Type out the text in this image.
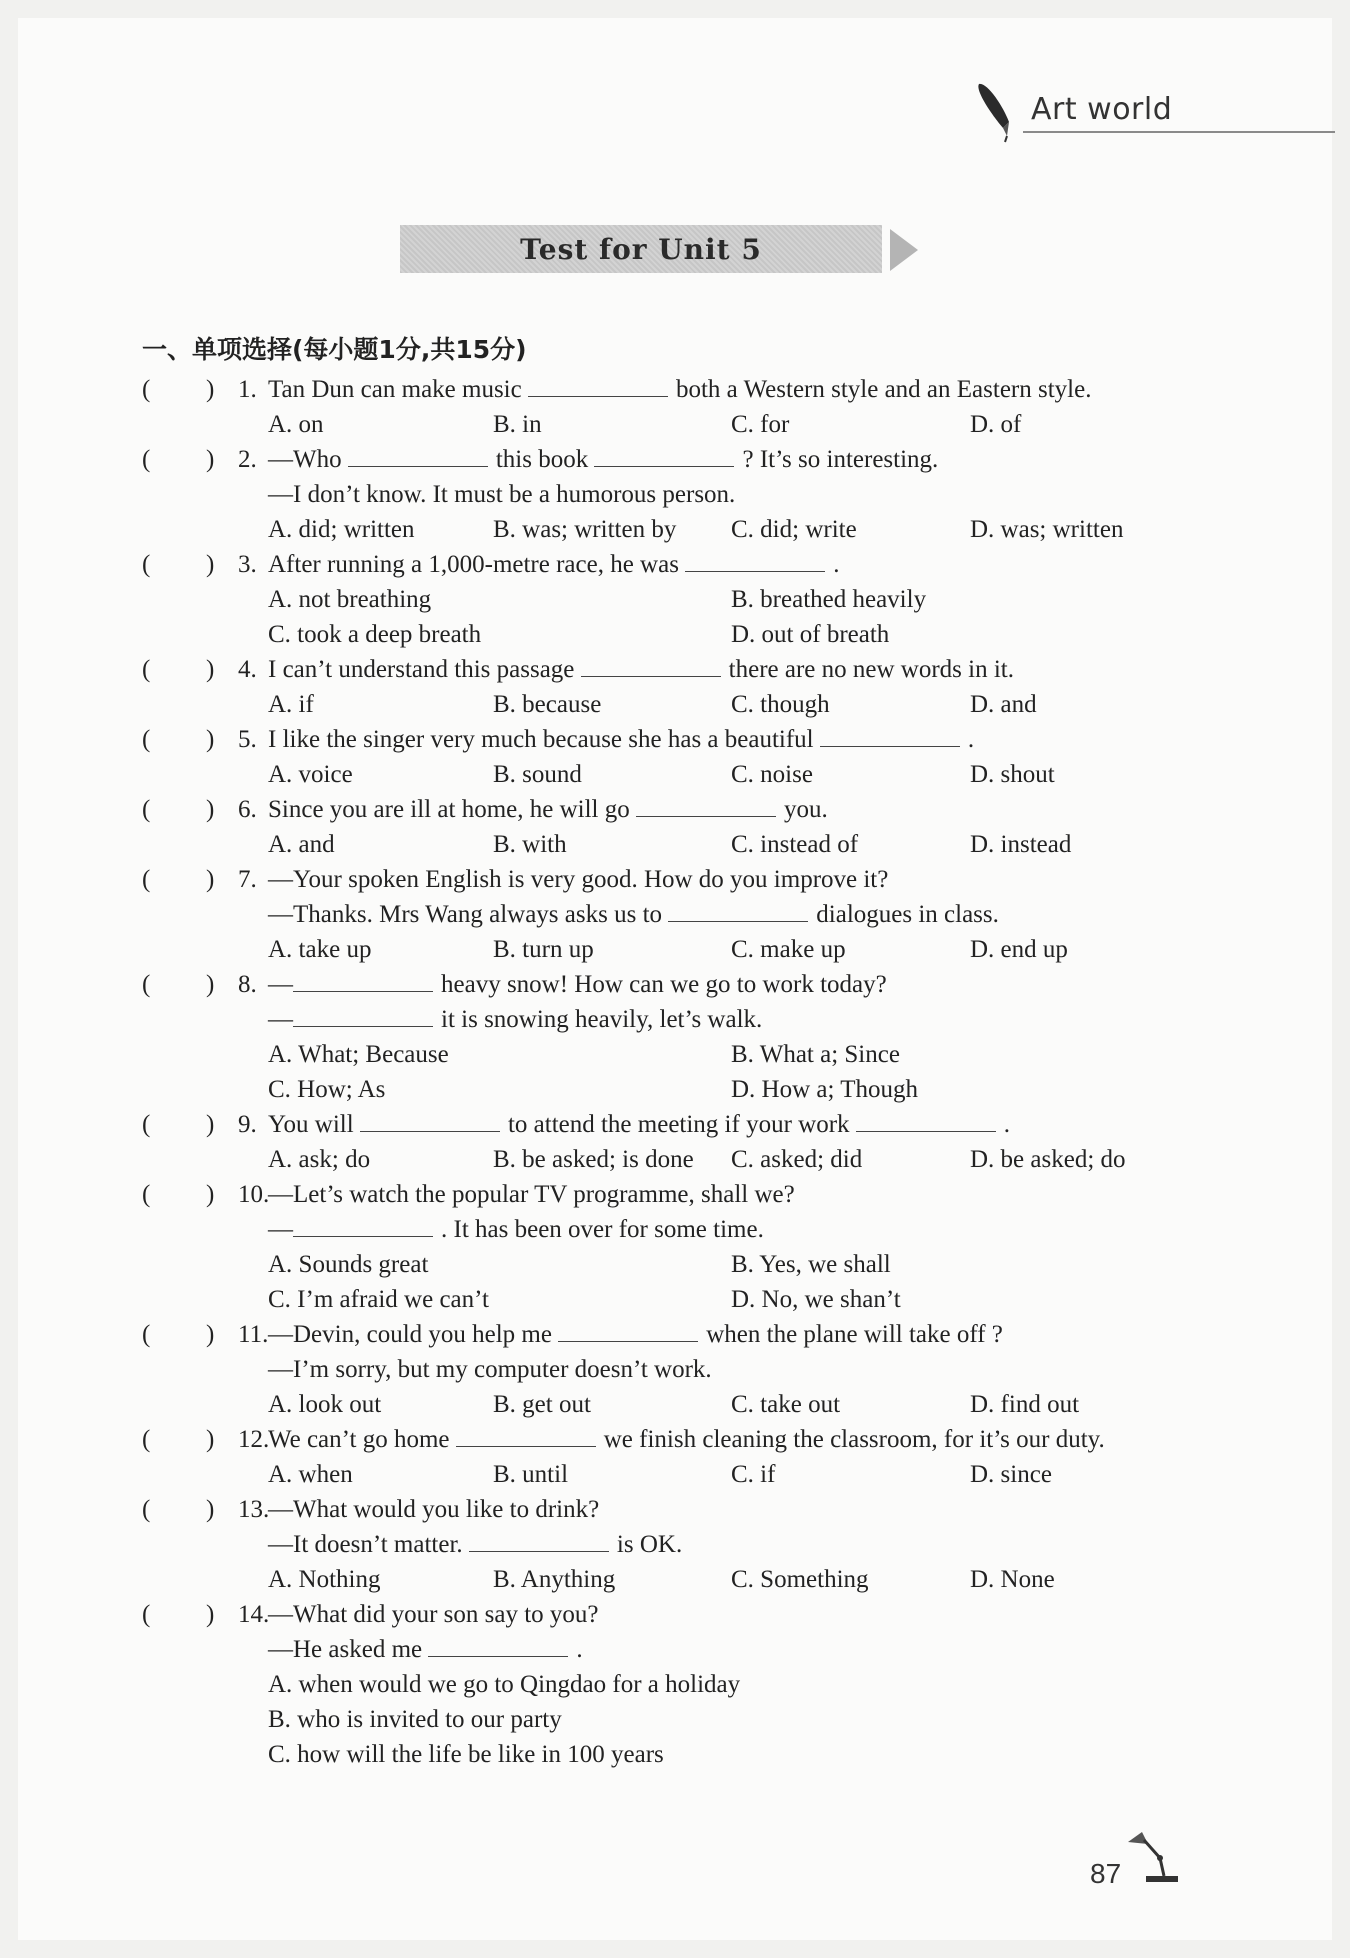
Art world
Test for Unit 5
一、单项选择(每小题1分,共15分)
( ) 1. Tan Dun can make music	both a Western style and an Eastern style.
A. on	B. in	C. for	D. of
( ) 2. —Who	this book	? It’s so interesting.
—I don’t know. It must be a humorous person.
A. did; written	B. was; written by C. did; write	D. was; written
( ) 3. After running a 1,000-metre race, he was	.
A. not breathing	B. breathed heavily
C. took a deep breath	D. out of breath
( ) 4. I can’t understand this passage	there are no new words in it.
A. if	B. because	C. though	D. and
( ) 5. I like the singer very much because she has a beautiful	.
A. voice	B. sound	C. noise	D. shout
( ) 6. Since you are ill at home, he will go	you.
A. and	B. with	C. instead of	D. instead
( ) 7. —Your spoken English is very good. How do you improve it?
—Thanks. Mrs Wang always asks us to	dialogues in class.
A. take up	B. turn up	C. make up	D. end up
( ) 8. —	heavy snow! How can we go to work today?
—	it is snowing heavily, let’s walk.
A. What; Because	B. What a; Since
C. How; As	D. How a; Though
( ) 9. You will	to attend the meeting if your work	.
A. ask; do	B. be asked; is done C. asked; did	D. be asked; do
( ) 10.
—Let’s watch the popular TV programme, shall we?
—	. It has been over for some time.
A. Sounds great	B. Yes, we shall
C. I’m afraid we can’t	D. No, we shan’t
( ) 11. —Devin, could you help me	when the plane will take off ?
—I’m sorry, but my computer doesn’t work.
A. look out	B. get out	C. take out	D. find out
( ) 12.
We can’t go home	we finish cleaning the classroom, for it’s our duty.
A. when	B. until	C. if	D. since
( ) 13.
—What would you like to drink?
—It doesn’t matter.	is OK.
A. Nothing	B. Anything	C. Something	D. None
( ) 14.
—What did your son say to you?
—He asked me	.
A. when would we go to Qingdao for a holiday
B. who is invited to our party
C. how will the life be like in 100 years
87
